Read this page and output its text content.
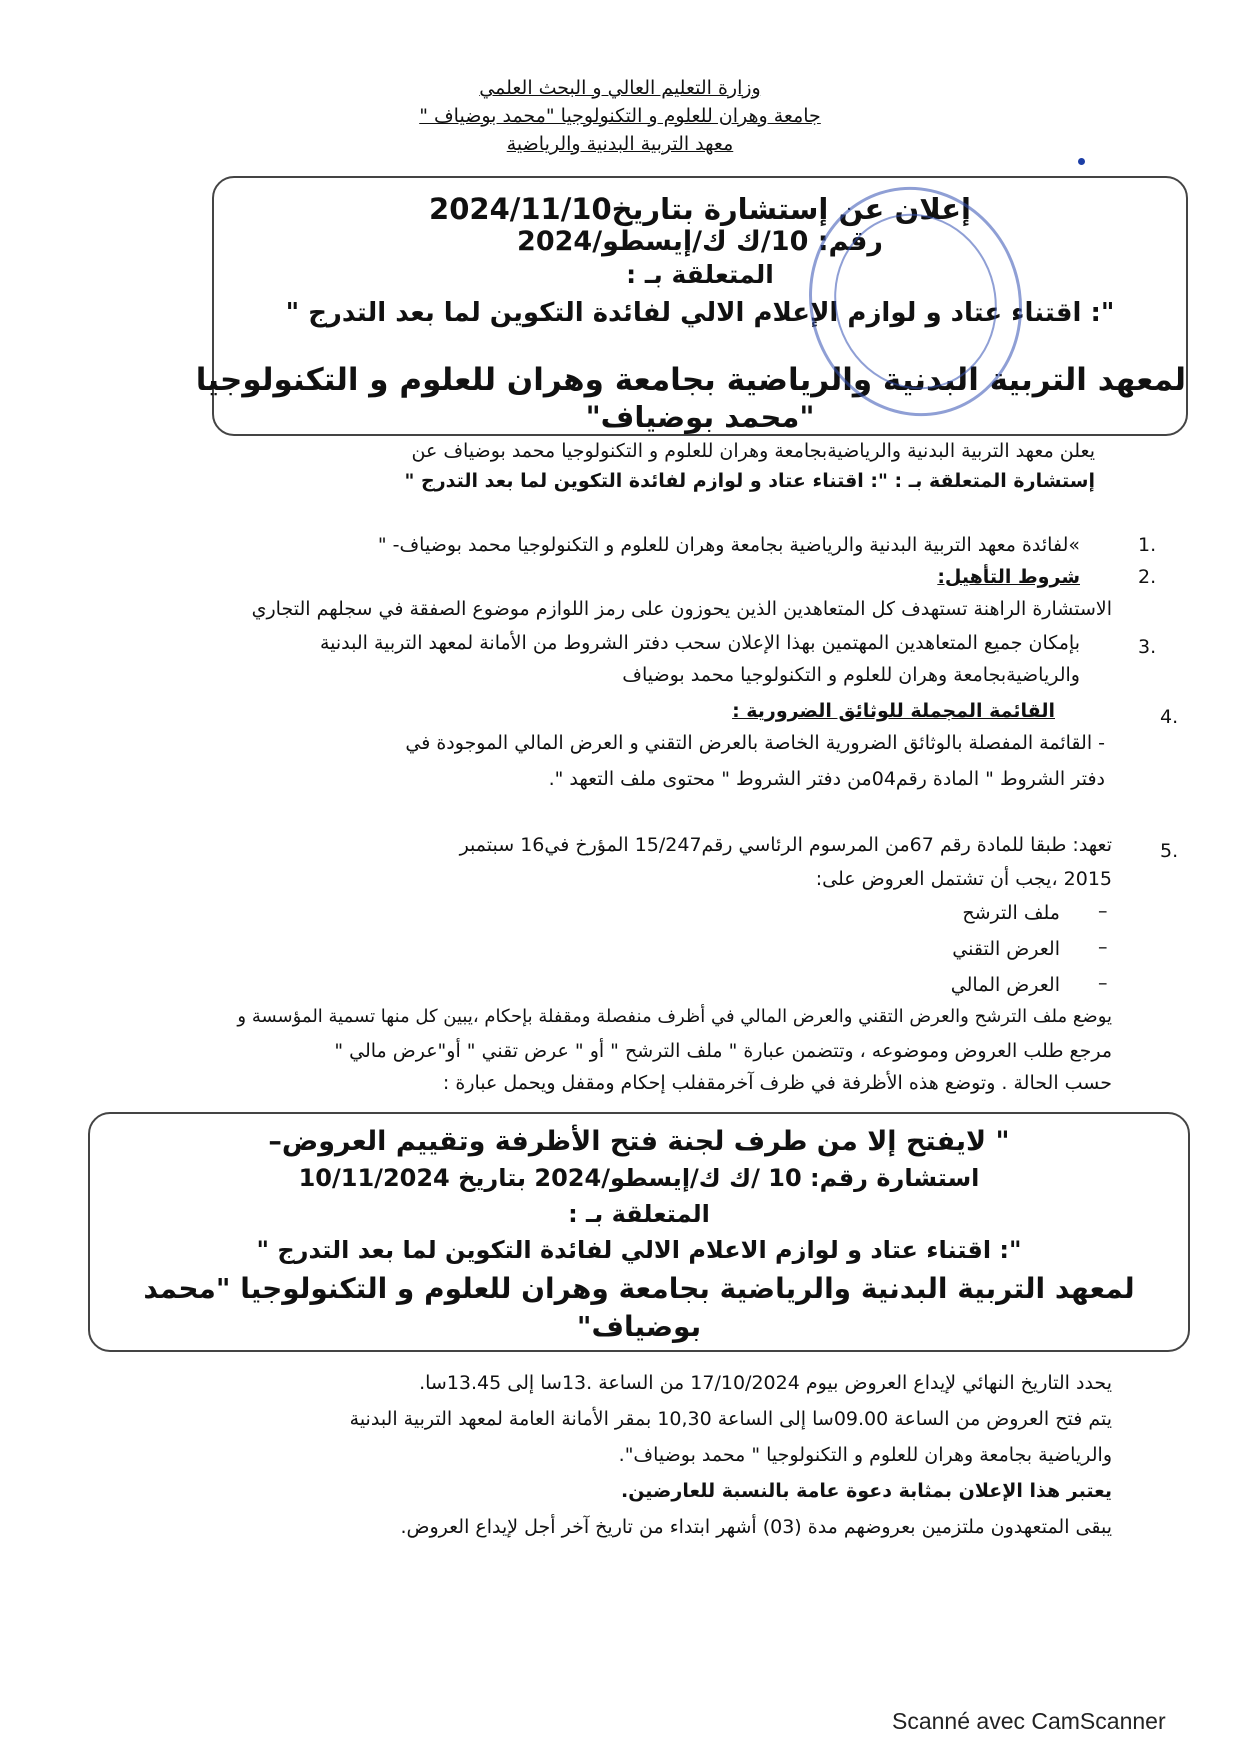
وزارة التعليم العالي و البحث العلمي
جامعة وهران للعلوم و التكنولوجيا "محمد بوضياف "
معهد التربية البدنية والرياضية
إعلان عن إستشارة بتاريخ2024/11/10
رقم: 10/ك ك/إيسطو/2024
المتعلقة بـ :
": اقتناء عتاد و لوازم الإعلام الالي لفائدة التكوين لما بعد التدرج "
لمعهد التربية البدنية والرياضية بجامعة وهران للعلوم و التكنولوجيا
"محمد بوضياف"
يعلن معهد التربية البدنية والرياضيةبجامعة وهران للعلوم و التكنولوجيا محمد بوضياف عن
إستشارة المتعلقة بـ : ": اقتناء عتاد و لوازم لفائدة التكوين لما بعد التدرج "
1.
»لفائدة معهد التربية البدنية والرياضية بجامعة وهران للعلوم و التكنولوجيا محمد بوضياف- "
2.
شروط التأهيل:
الاستشارة الراهنة تستهدف كل المتعاهدين الذين يحوزون على رمز اللوازم موضوع الصفقة في سجلهم التجاري
3.
بإمكان جميع المتعاهدين المهتمين بهذا الإعلان سحب دفتر الشروط من الأمانة لمعهد التربية البدنية
والرياضيةبجامعة وهران للعلوم و التكنولوجيا محمد بوضياف
4.
القائمة المجملة للوثائق الضرورية :
- القائمة المفصلة بالوثائق الضرورية الخاصة بالعرض التقني و العرض المالي الموجودة في
دفتر الشروط " المادة رقم04من دفتر الشروط " محتوى ملف التعهد ".
5.
تعهد: طبقا للمادة رقم 67من المرسوم الرئاسي رقم15/247 المؤرخ في16 سبتمبر
2015 ،يجب أن تشتمل العروض على:
–
ملف الترشح
–
العرض التقني
–
العرض المالي
يوضع ملف الترشح والعرض التقني والعرض المالي في أظرف منفصلة ومقفلة بإحكام ،يبين كل منها تسمية المؤسسة و
مرجع طلب العروض وموضوعه ، وتتضمن عبارة " ملف الترشح " أو " عرض تقني " أو"عرض مالي "
حسب الحالة . وتوضع هذه الأظرفة في ظرف آخرمقفلب إحكام ومقفل ويحمل عبارة :
" لايفتح إلا من طرف لجنة فتح الأظرفة وتقييم العروض–
استشارة رقم: 10 /ك ك/إيسطو/2024 بتاريخ 10/11/2024
المتعلقة بـ :
": اقتناء عتاد و لوازم الاعلام الالي لفائدة التكوين لما بعد التدرج "
لمعهد التربية البدنية والرياضية بجامعة وهران للعلوم و التكنولوجيا "محمد
بوضياف"
يحدد التاريخ النهائي لإيداع العروض بيوم 17/10/2024 من الساعة .13سا إلى 13.45سا.
يتم فتح العروض من الساعة 09.00سا إلى الساعة 10,30 بمقر الأمانة العامة لمعهد التربية البدنية
والرياضية بجامعة وهران للعلوم و التكنولوجيا " محمد بوضياف".
يعتبر هذا الإعلان بمثابة دعوة عامة بالنسبة للعارضين.
يبقى المتعهدون ملتزمين بعروضهم مدة (03) أشهر ابتداء من تاريخ آخر أجل لإيداع العروض.
Scanné avec CamScanner
